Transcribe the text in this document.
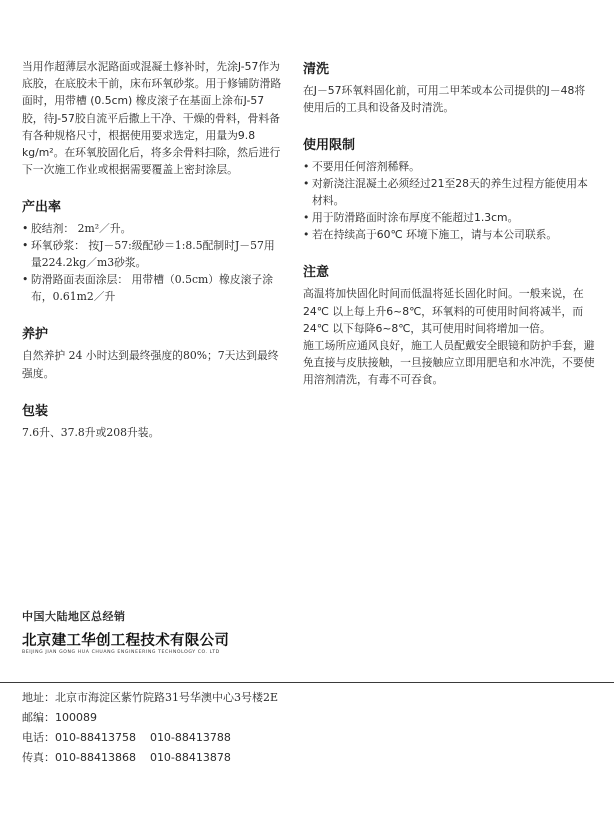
当用作超薄层水泥路面或混凝土修补时，先涂J-57作为底胶，在底胶未干前，床布环氧砂浆。用于修铺防滑路面时，用带槽 (0.5cm) 橡皮滚子在基面上涂布J-57胶，待J-57胶自流平后撒上干净、干燥的骨料，骨料备有各种规格尺寸，根据使用要求选定，用量为9.8 kg/m²。在环氧胶固化后，将多余骨料扫除，然后进行下一次施工作业或根据需要覆盖上密封涂层。

产出率
• 胶结剂： 2m²／升。
• 环氧砂浆： 按J－57:级配砂＝1:8.5配制时J－57用量224.2kg／m3砂浆。
• 防滑路面表面涂层： 用带槽（0.5cm）橡皮滚子涂布，0.61m2／升
养护

自然养护 24 小时达到最终强度的80%；7天达到最终强度。

包装

7.6升、37.8升或208升装。

清洗

在J－57环氧料固化前，可用二甲苯或本公司提供的J－48将使用后的工具和设备及时清洗。

使用限制
• 不要用任何溶剂稀释。
• 对新浇注混凝土必须经过21至28天的养生过程方能使用本材料。
• 用于防滑路面时涂布厚度不能超过1.3cm。
• 若在持续高于60℃ 环境下施工，请与本公司联系。
注意

高温将加快固化时间而低温将延长固化时间。一般来说，在24℃ 以上每上升6~8℃，环氧料的可使用时间将减半，而24℃ 以下每降6~8℃，其可使用时间将增加一倍。

施工场所应通风良好，施工人员配戴安全眼镜和防护手套，避免直接与皮肤接触，一旦接触应立即用肥皂和水冲洗，不要使用溶剂清洗，有毒不可吞食。

中国大陆地区总经销
北京建工华创工程技术有限公司
BEIJING JIAN GONG HUA CHUANG ENGINEERING TECHNOLOGY CO. LTD
地址：北京市海淀区紫竹院路31号华澳中心3号楼2E
邮编：100089
电话：010-88413758    010-88413788
传真：010-88413868    010-88413878
